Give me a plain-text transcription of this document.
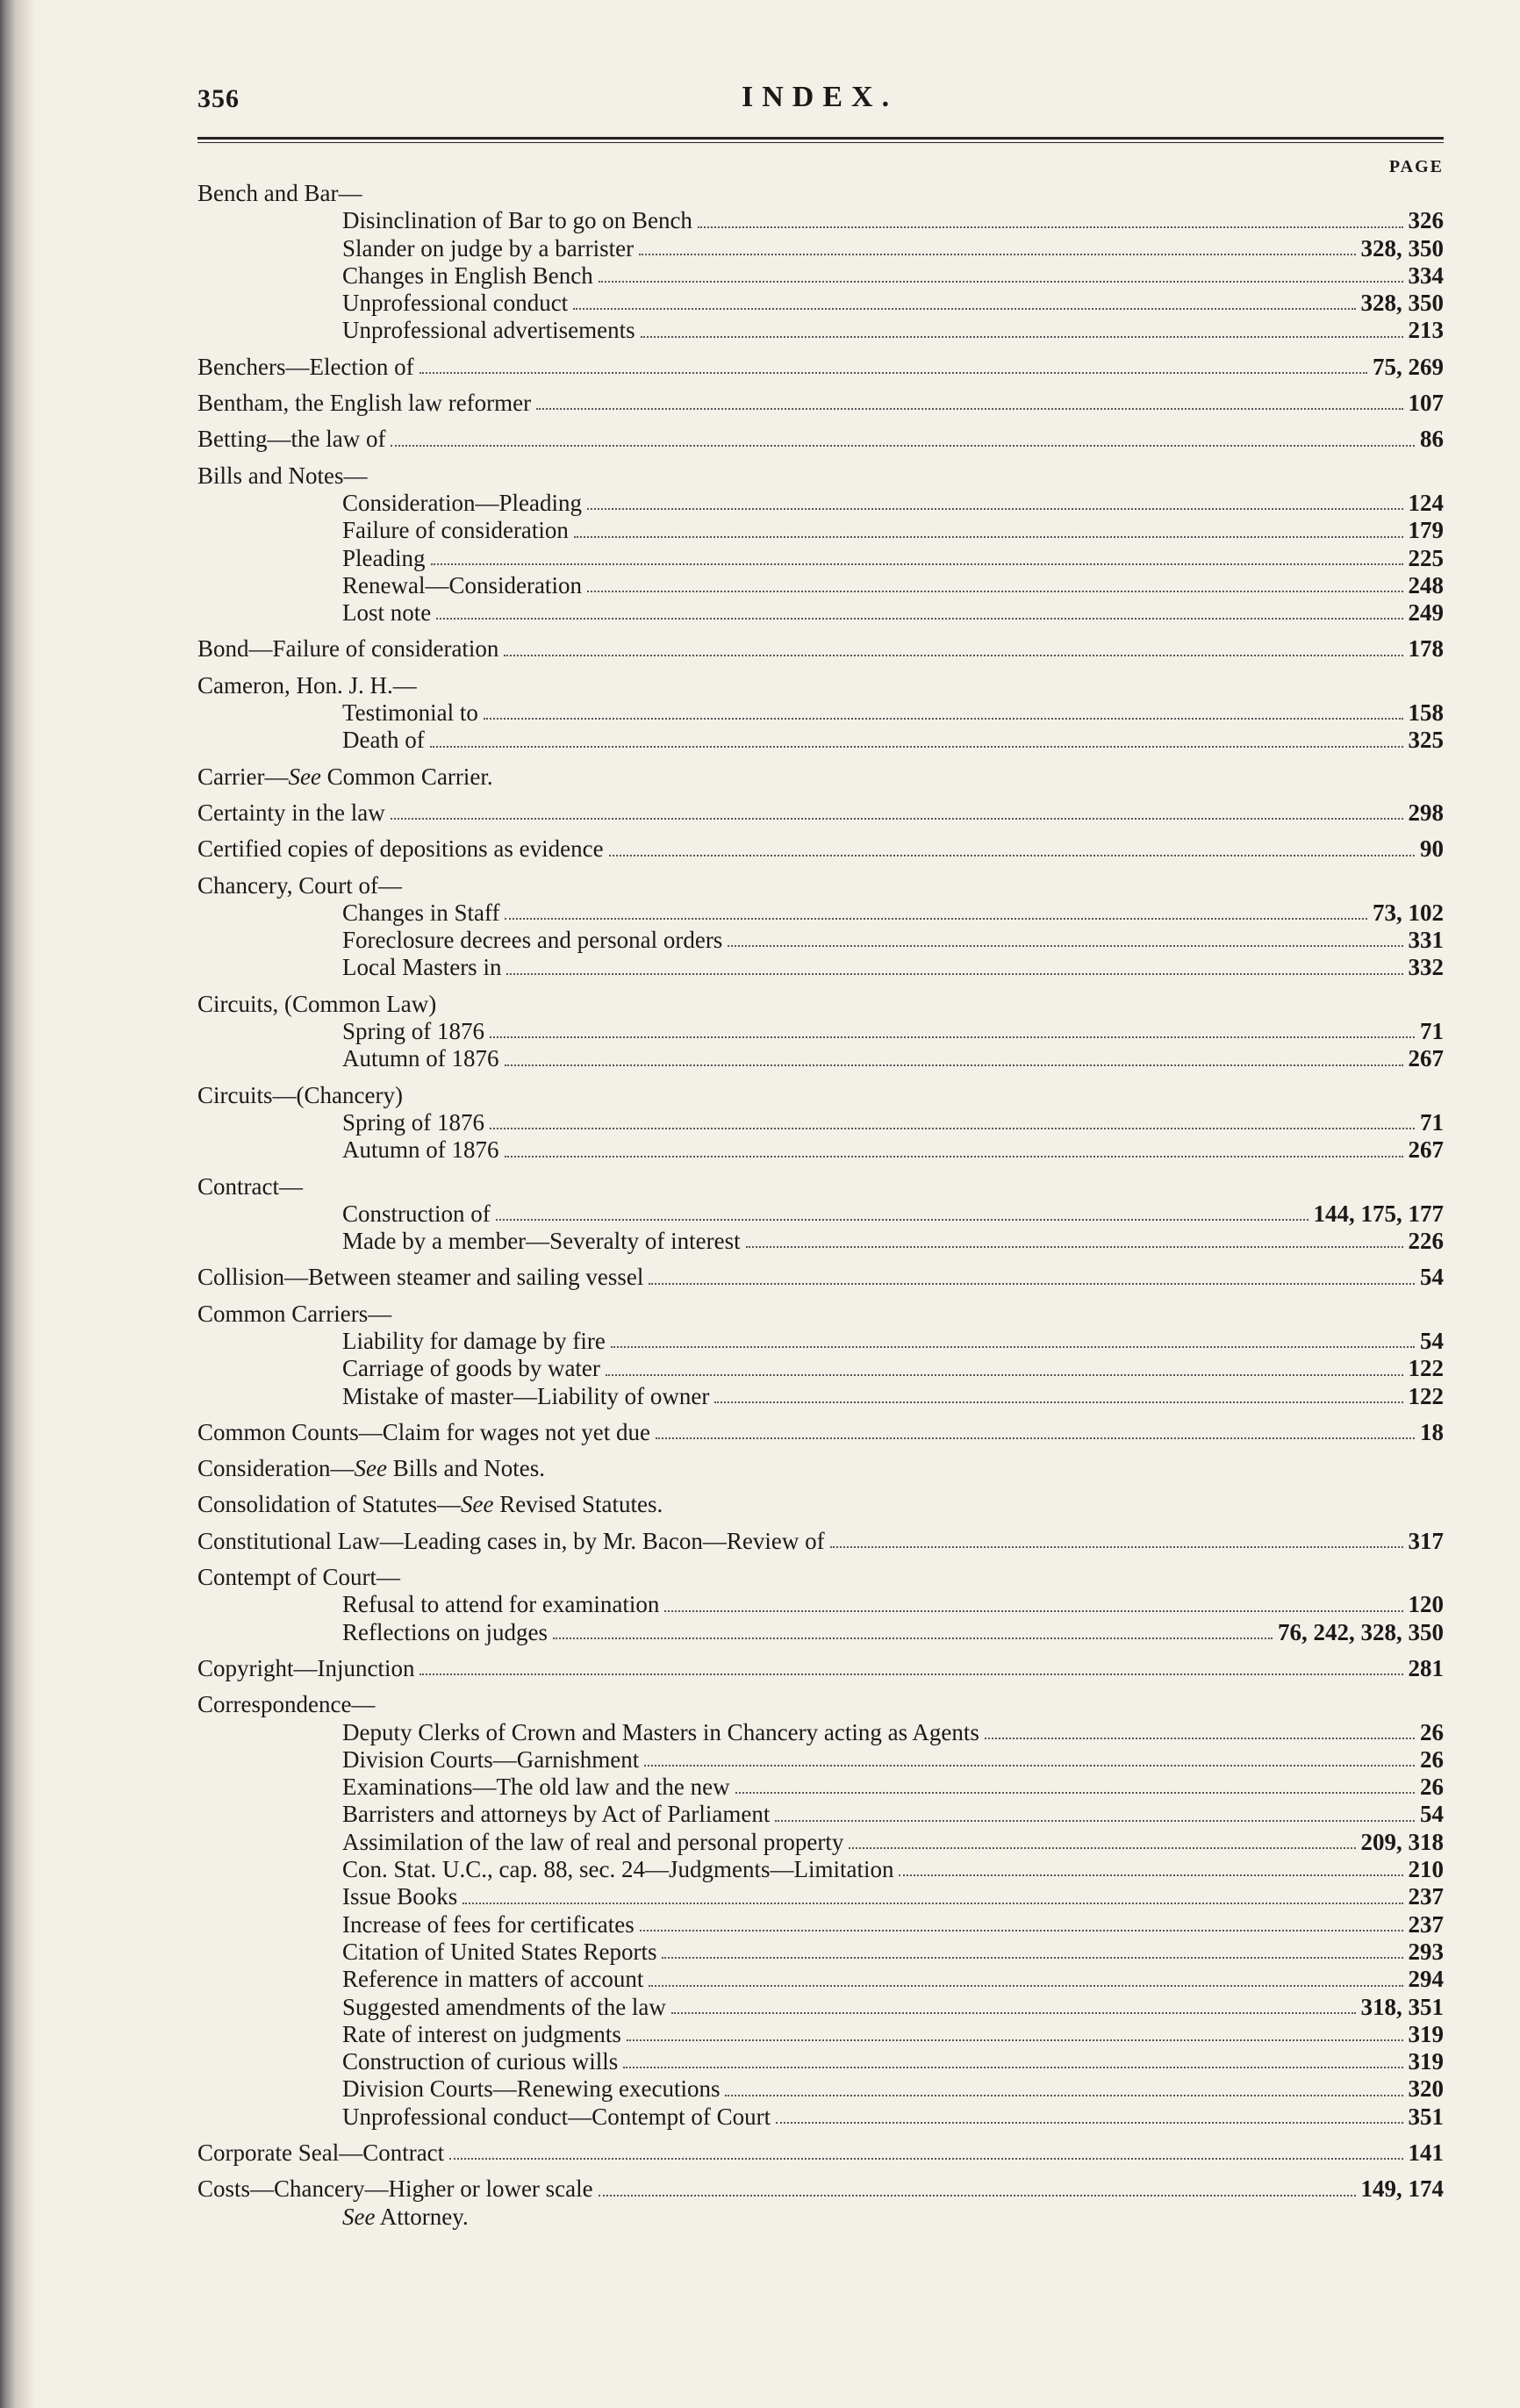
356	INDEX.
PAGE
Bench and Bar—
Disinclination of Bar to go on Bench	326
Slander on judge by a barrister	328, 350
Changes in English Bench	334
Unprofessional conduct	328, 350
Unprofessional advertisements	213
Benchers—Election of	75, 269
Bentham, the English law reformer	107
Betting—the law of	86
Bills and Notes—
Consideration—Pleading	124
Failure of consideration	179
Pleading	225
Renewal—Consideration	248
Lost note	249
Bond—Failure of consideration	178
Cameron, Hon. J. H.—
Testimonial to	158
Death of	325
Carrier—See Common Carrier.
Certainty in the law	298
Certified copies of depositions as evidence	90
Chancery, Court of—
Changes in Staff	73, 102
Foreclosure decrees and personal orders	331
Local Masters in	332
Circuits, (Common Law)
Spring of 1876	71
Autumn of 1876	267
Circuits—(Chancery)
Spring of 1876	71
Autumn of 1876	267
Contract—
Construction of	144, 175, 177
Made by a member—Severalty of interest	226
Collision—Between steamer and sailing vessel	54
Common Carriers—
Liability for damage by fire	54
Carriage of goods by water	122
Mistake of master—Liability of owner	122
Common Counts—Claim for wages not yet due	18
Consideration—See Bills and Notes.
Consolidation of Statutes—See Revised Statutes.
Constitutional Law—Leading cases in, by Mr. Bacon—Review of	317
Contempt of Court—
Refusal to attend for examination	120
Reflections on judges	76, 242, 328, 350
Copyright—Injunction	281
Correspondence—
Deputy Clerks of Crown and Masters in Chancery acting as Agents	26
Division Courts—Garnishment	26
Examinations—The old law and the new	26
Barristers and attorneys by Act of Parliament	54
Assimilation of the law of real and personal property	209, 318
Con. Stat. U.C., cap. 88, sec. 24—Judgments—Limitation	210
Issue Books	237
Increase of fees for certificates	237
Citation of United States Reports	293
Reference in matters of account	294
Suggested amendments of the law	318, 351
Rate of interest on judgments	319
Construction of curious wills	319
Division Courts—Renewing executions	320
Unprofessional conduct—Contempt of Court	351
Corporate Seal—Contract	141
Costs—Chancery—Higher or lower scale	149, 174
See Attorney.
